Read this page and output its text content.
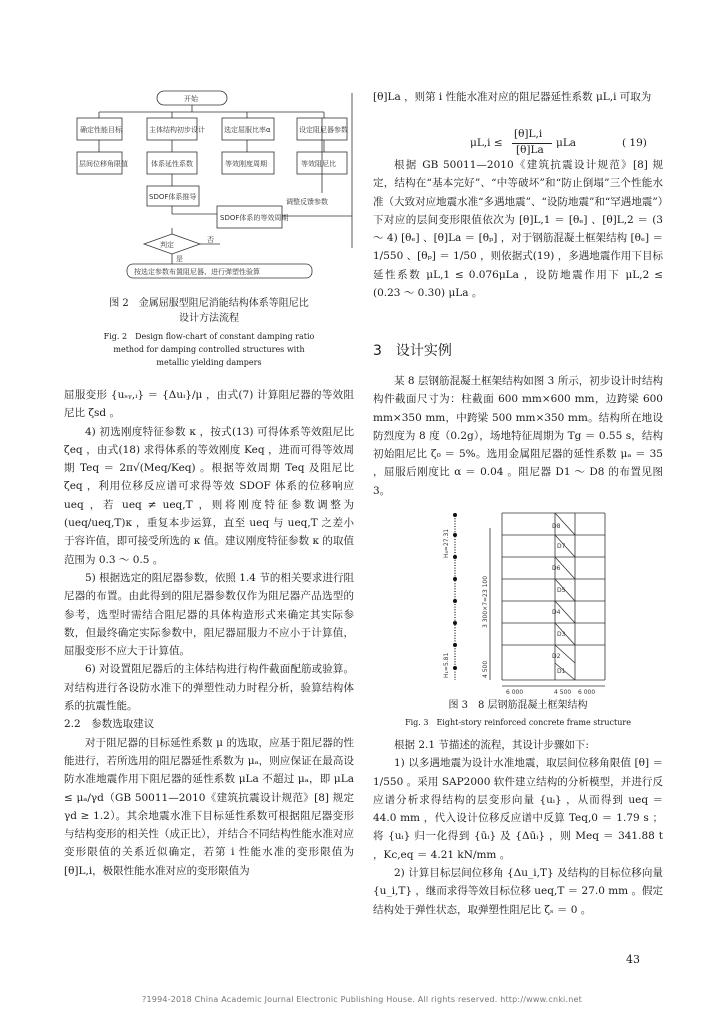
开始
确定性能目标	主体结构初步设计	选定屈服比率α	设定阻尼器参数
层间位移角限值	体系延性系数	等效刚度周期	等效阻尼比
SDOF体系推导
SDOF体系的等效周期
判定
否
是
调整反馈参数
按选定参数布置阻尼器、进行弹塑性验算
图 2　金属屈服型阻尼消能结构体系等阻尼比
设计方法流程
Fig. 2　Design flow-chart of constant damping ratio
method for damping controlled structures with
metallic yielding dampers

屈服变形 {uₛᵧ,ᵢ} ＝ {Δuᵢ}/μ ，由式(7) 计算阻尼器的等效阻尼比 ζsd 。

4) 初选刚度特征参数 κ ，按式(13) 可得体系等效阻尼比 ζeq ，由式(18) 求得体系的等效刚度 Keq ，进而可得等效周期 Teq ＝ 2π√(Meq/Keq) 。根据等效周期 Teq 及阻尼比 ζeq ，利用位移反应谱可求得等效 SDOF 体系的位移响应 ueq ，若 ueq ≠ ueq,T ，则将刚度特征参数调整为 (ueq/ueq,T)κ ，重复本步运算，直至 ueq 与 ueq,T 之差小于容许值，即可接受所选的 κ 值。建议刚度特征参数 κ 的取值范围为 0.3 ～ 0.5 。

5) 根据选定的阻尼器参数，依照 1.4 节的相关要求进行阻尼器的布置。由此得到的阻尼器参数仅作为阻尼器产品选型的参考，选型时需结合阻尼器的具体构造形式来确定其实际参数，但最终确定实际参数中，阻尼器屈服力不应小于计算值，屈服变形不应大于计算值。

6) 对设置阻尼器后的主体结构进行构件截面配筋或验算。对结构进行各设防水准下的弹塑性动力时程分析，验算结构体系的抗震性能。

2.2　参数选取建议

对于阻尼器的目标延性系数 μ 的选取，应基于阻尼器的性能进行，若所选用的阻尼器延性系数为 μₐ，则应保证在最高设防水准地震作用下阻尼器的延性系数 μLa 不超过 μₐ，即 μLa ≤ μₐ/γd（GB 50011—2010《建筑抗震设计规范》[8] 规定 γd ≥ 1.2）。其余地震水准下目标延性系数可根据阻尼器变形与结构变形的相关性（成正比），并结合不同结构性能水准对应变形限值的关系近似确定，若第 i 性能水准的变形限值为 [θ]L,i，极限性能水准对应的变形限值为

[θ]La ，则第 i 性能水准对应的阻尼器延性系数 μL,i 可取为

μL,i ≤
[θ]L,i
[θ]La
μLa	( 19)

根据 GB 50011—2010《建筑抗震设计规范》[8] 规定，结构在“基本完好”、“中等破坏”和“防止倒塌”三个性能水准（大致对应地震水准“多遇地震”、“设防地震”和“罕遇地震”）下对应的层间变形限值依次为 [θ]L,1 ＝ [θₑ] 、[θ]L,2 ＝ (3 ～ 4) [θₑ] 、[θ]La ＝ [θₚ] ，对于钢筋混凝土框架结构 [θₑ] ＝ 1/550 、[θₚ] ＝ 1/50 ，则依据式(19) ，多遇地震作用下目标延性系数 μL,1 ≤ 0.076μLa ，设防地震作用下 μL,2 ≤ (0.23 ～ 0.30) μLa 。

3　设计实例

某 8 层钢筋混凝土框架结构如图 3 所示，初步设计时结构构件截面尺寸为：柱截面 600 mm×600 mm，边跨梁 600 mm×350 mm，中跨梁 500 mm×350 mm。结构所在地设防烈度为 8 度（0.2g），场地特征周期为 Tg ＝ 0.55 s，结构初始阻尼比 ζ₀ ＝ 5%。选用金属阻尼器的延性系数 μₐ ＝ 35 ，屈服后刚度比 α ＝ 0.04 。阻尼器 D1 ～ D8 的布置见图 3。

D8
D7
D6
D5
D4
D3
D2
D1
6 000	4 500 6 000
4 500
3 300×7=23 100
H₁=5.81
H₈=27.31
图 3　8 层钢筋混凝土框架结构
Fig. 3　Eight-story reinforced concrete frame structure

根据 2.1 节描述的流程，其设计步骤如下:

1) 以多遇地震为设计水准地震，取层间位移角限值 [θ] ＝ 1/550 。采用 SAP2000 软件建立结构的分析模型，并进行反应谱分析求得结构的层变形向量 {uᵢ} ，从而得到 ueq ＝ 44.0 mm ，代入设计位移反应谱中反算 Teq,0 ＝ 1.79 s ；将 {uᵢ} 归一化得到 {ūᵢ} 及 {Δūᵢ} ，则 Meq ＝ 341.88 t ，Kc,eq ＝ 4.21 kN/mm 。

2) 计算目标层间位移角 {Δu_i,T} 及结构的目标位移向量 {u_i,T} ，继而求得等效目标位移 ueq,T ＝ 27.0 mm 。假定结构处于弹性状态，取弹塑性阻尼比 ζₛ ＝ 0 。

43
?1994-2018 China Academic Journal Electronic Publishing House. All rights reserved. http://www.cnki.net
